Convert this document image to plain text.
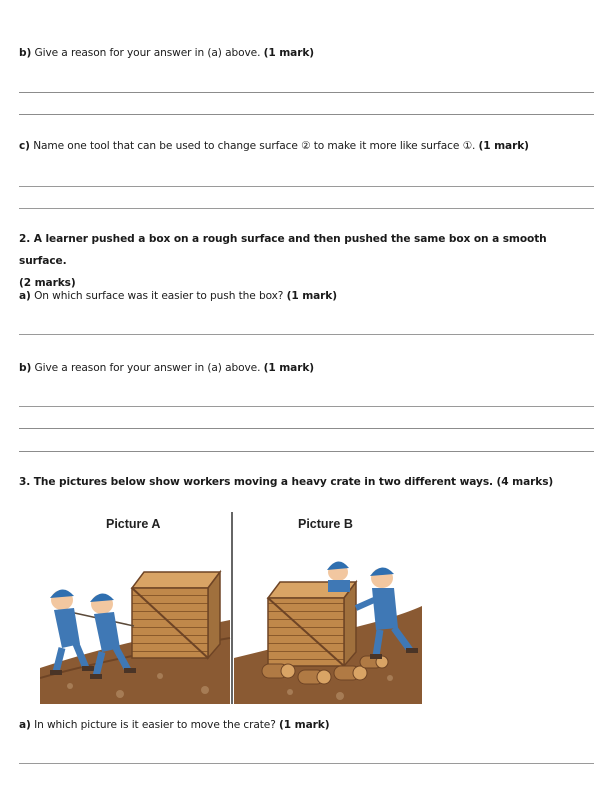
b) Give a reason for your answer in (a) above. (1 mark)
c) Name one tool that can be used to change surface ② to make it more like surface ①. (1 mark)
2. A learner pushed a box on a rough surface and then pushed the same box on a smooth surface.
(2 marks)
a) On which surface was it easier to push the box? (1 mark)
b) Give a reason for your answer in (a) above. (1 mark)
3. The pictures below show workers moving a heavy crate in two different ways. (4 marks)
Picture A	Picture B
a) In which picture is it easier to move the crate? (1 mark)
